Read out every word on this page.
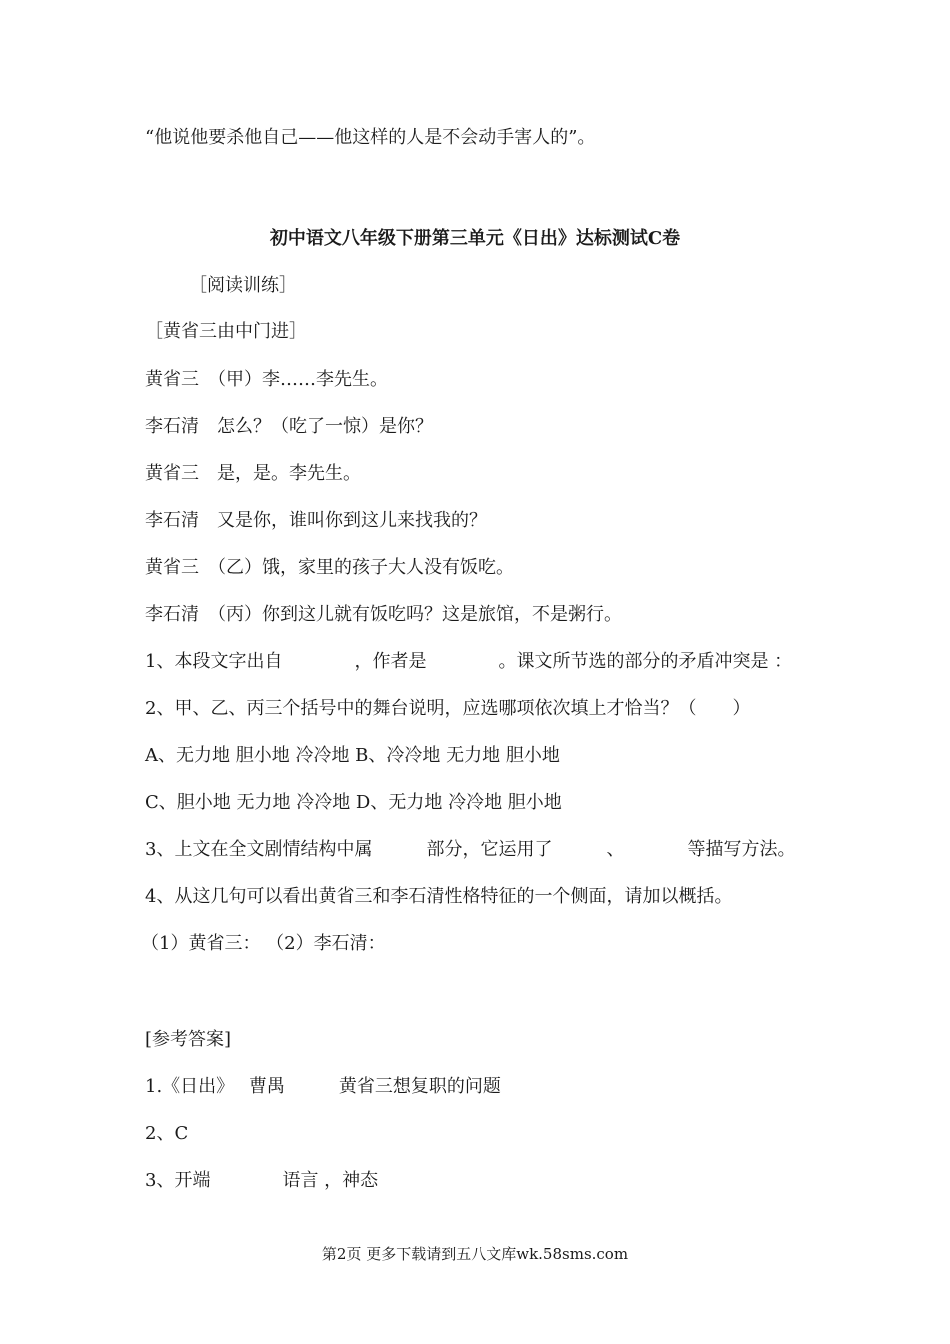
“他说他要杀他自己——他这样的人是不会动手害人的”。
初中语文八年级下册第三单元《日出》达标测试C卷
［阅读训练］
［黄省三由中门进］
黄省三　（甲）李……李先生。
李石清　怎么？（吃了一惊）是你？
黄省三　是，是。李先生。
李石清　又是你，谁叫你到这儿来找我的？
黄省三　（乙）饿，家里的孩子大人没有饭吃。
李石清　（丙）你到这儿就有饭吃吗？这是旅馆，不是粥行。
1、本段文字出自　　　　，作者是　　　　。课文所节选的部分的矛盾冲突是 ：
2、甲、乙、丙三个括号中的舞台说明，应选哪项依次填上才恰当？（　　）
A、无力地 胆小地 冷冷地 B、冷冷地 无力地 胆小地
C、胆小地 无力地 冷冷地 D、无力地 冷冷地 胆小地
3、上文在全文剧情结构中属　　　部分，它运用了　　　、　　　　等描写方法。
4、从这几句可以看出黄省三和李石清性格特征的一个侧面，请加以概括。
（1）黄省三： （2）李石清：
[参考答案]
1.《日出》　 曹禺　　　黄省三想复职的问题
2、C
3、开端　　　　语言 ，神态
第2页 更多下载请到五八文库wk.58sms.com
